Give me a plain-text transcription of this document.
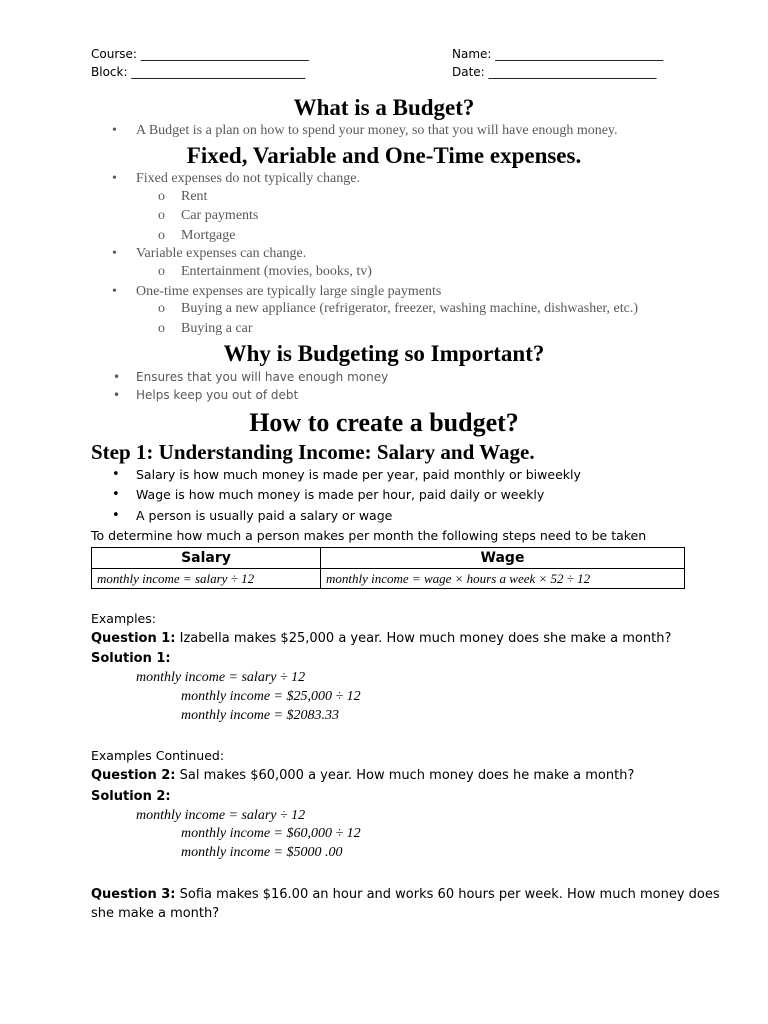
Course: ____________________________
Block: _____________________________
Name: ____________________________
Date: ____________________________
What is a Budget?
• A Budget is a plan on how to spend your money, so that you will have enough money.
Fixed, Variable and One-Time expenses.
• Fixed expenses do not typically change.
o Rent
o Car payments
o Mortgage
• Variable expenses can change.
o Entertainment (movies, books, tv)
• One-time expenses are typically large single payments
o Buying a new appliance (refrigerator, freezer, washing machine, dishwasher, etc.)
o Buying a car
Why is Budgeting so Important?
• Ensures that you will have enough money
• Helps keep you out of debt
How to create a budget?
Step 1: Understanding Income: Salary and Wage.
• Salary is how much money is made per year, paid monthly or biweekly
• Wage is how much money is made per hour, paid daily or weekly
• A person is usually paid a salary or wage
To determine how much a person makes per month the following steps need to be taken
Salary	Wage
monthly income = salary ÷ 12	monthly income = wage × hours a week × 52 ÷ 12
Examples:
Question 1: Izabella makes $25,000 a year. How much money does she make a month?
Solution 1:
monthly income = salary ÷ 12
monthly income = $25,000 ÷ 12
monthly income = $2083.33
Examples Continued:
Question 2: Sal makes $60,000 a year. How much money does he make a month?
Solution 2:
monthly income = salary ÷ 12
monthly income = $60,000 ÷ 12
monthly income = $5000 .00
Question 3: Sofia makes $16.00 an hour and works 60 hours per week. How much money does
she make a month?
